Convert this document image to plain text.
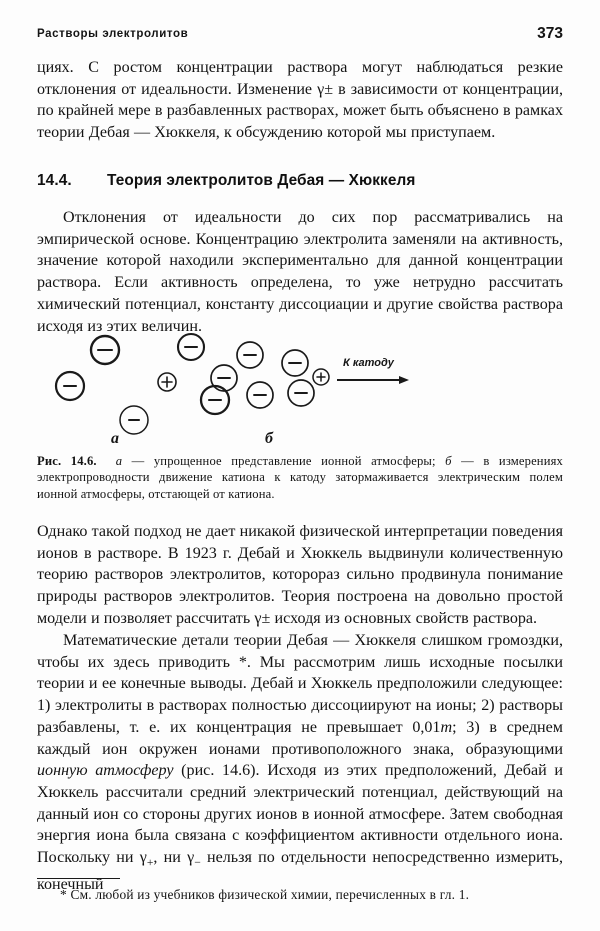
Растворы электролитов	373

циях. С ростом концентрации раствора могут наблюдаться резкие отклонения от идеальности. Изменение γ± в зависимости от концентрации, по крайней мере в разбавленных растворах, может быть объяснено в рамках теории Дебая — Хюккеля, к обсуждению которой мы приступаем.

14.4. Теория электролитов Дебая — Хюккеля

Отклонения от идеальности до сих пор рассматривались на эмпирической основе. Концентрацию электролита заменяли на активность, значение которой находили экспериментально для данной концентрации раствора. Если активность определена, то уже нетрудно рассчитать химический потенциал, константу диссоциации и другие свойства раствора исходя из этих величин.

К катоду
а	б
Рис. 14.6. а — упрощенное представление ионной атмосферы; б — в измерениях электропроводности движение катиона к катоду затормаживается электрическим полем ионной атмосферы, отстающей от катиона.

Однако такой подход не дает никакой физической интерпретации поведения ионов в растворе. В 1923 г. Дебай и Хюккель выдвинули количественную теорию растворов электролитов, которораз сильно продвинула понимание природы растворов электролитов. Теория построена на довольно простой модели и позволяет рассчитать γ± исходя из основных свойств раствора.

Математические детали теории Дебая — Хюккеля слишком громоздки, чтобы их здесь приводить *. Мы рассмотрим лишь исходные посылки теории и ее конечные выводы. Дебай и Хюккель предположили следующее: 1) электролиты в растворах полностью диссоциируют на ионы; 2) растворы разбавлены, т. е. их концентрация не превышает 0,01m; 3) в среднем каждый ион окружен ионами противоположного знака, образующими ионную атмосферу (рис. 14.6). Исходя из этих предположений, Дебай и Хюккель рассчитали средний электрический потенциал, действующий на данный ион со стороны других ионов в ионной атмосфере. Затем свободная энергия иона была связана с коэффициентом активности отдельного иона. Поскольку ни $\gamma_+$, ни $\gamma_-$ нельзя по отдельности непосредственно измерить, конечный

* См. любой из учебников физической химии, перечисленных в гл. 1.
